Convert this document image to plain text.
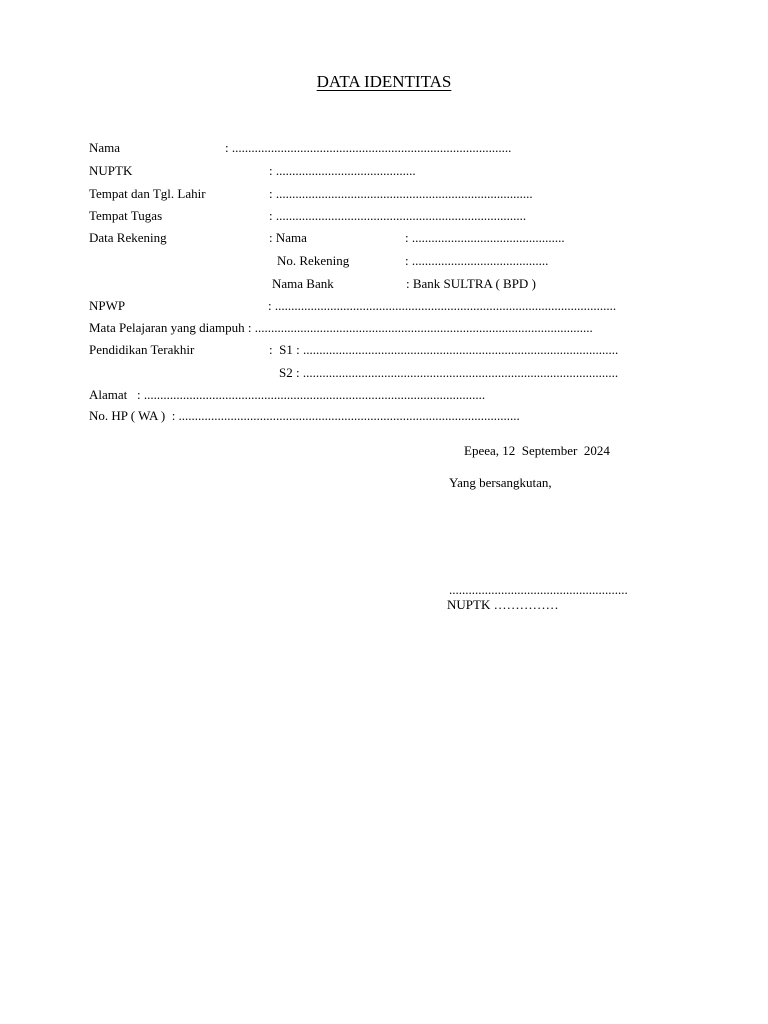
DATA IDENTITAS
Nama	: ......................................................................................
NUPTK	: ...........................................
Tempat dan Tgl. Lahir	: ...............................................................................
Tempat Tugas	: .............................................................................
Data Rekening	: Nama	: ...............................................
No. Rekening	: ..........................................
Nama Bank	: Bank SULTRA ( BPD )
NPWP	: .........................................................................................................
Mata Pelajaran yang diampuh : ........................................................................................................
Pendidikan Terakhir	:  S1 : .................................................................................................
S2 : .................................................................................................
Alamat   : .........................................................................................................
No. HP ( WA )  : .........................................................................................................
Epeea, 12  September  2024
Yang bersangkutan,
.......................................................
NUPTK ……………
